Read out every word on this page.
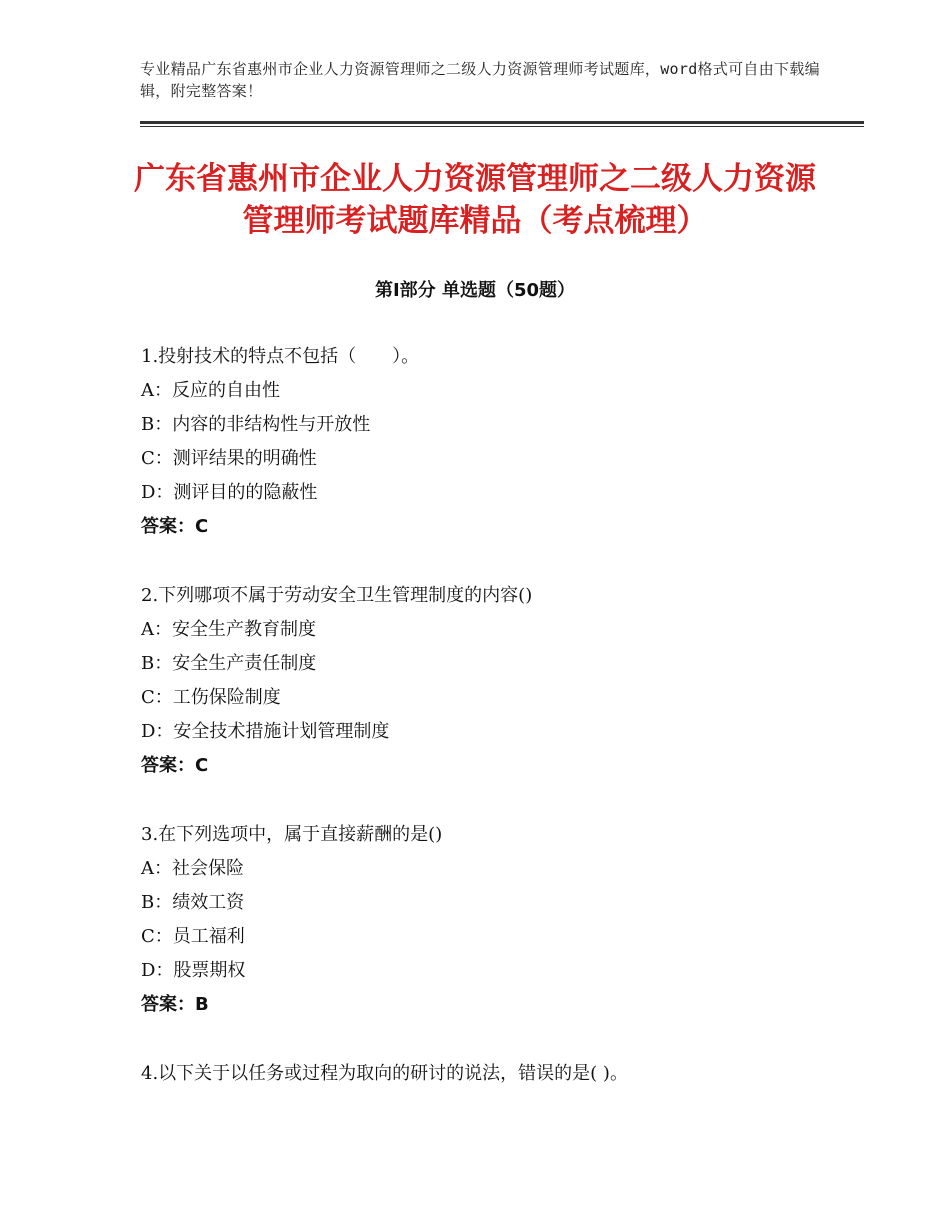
专业精品广东省惠州市企业人力资源管理师之二级人力资源管理师考试题库，word格式可自由下载编辑，附完整答案！
广东省惠州市企业人力资源管理师之二级人力资源管理师考试题库精品（考点梳理）
第Ⅰ部分 单选题（50题）
1.投射技术的特点不包括（　　）。
A：反应的自由性
B：内容的非结构性与开放性
C：测评结果的明确性
D：测评目的的隐蔽性
答案：C
2.下列哪项不属于劳动安全卫生管理制度的内容()
A：安全生产教育制度
B：安全生产责任制度
C：工伤保险制度
D：安全技术措施计划管理制度
答案：C
3.在下列选项中，属于直接薪酬的是()
A：社会保险
B：绩效工资
C：员工福利
D：股票期权
答案：B
4.以下关于以任务或过程为取向的研讨的说法，错误的是( )。
